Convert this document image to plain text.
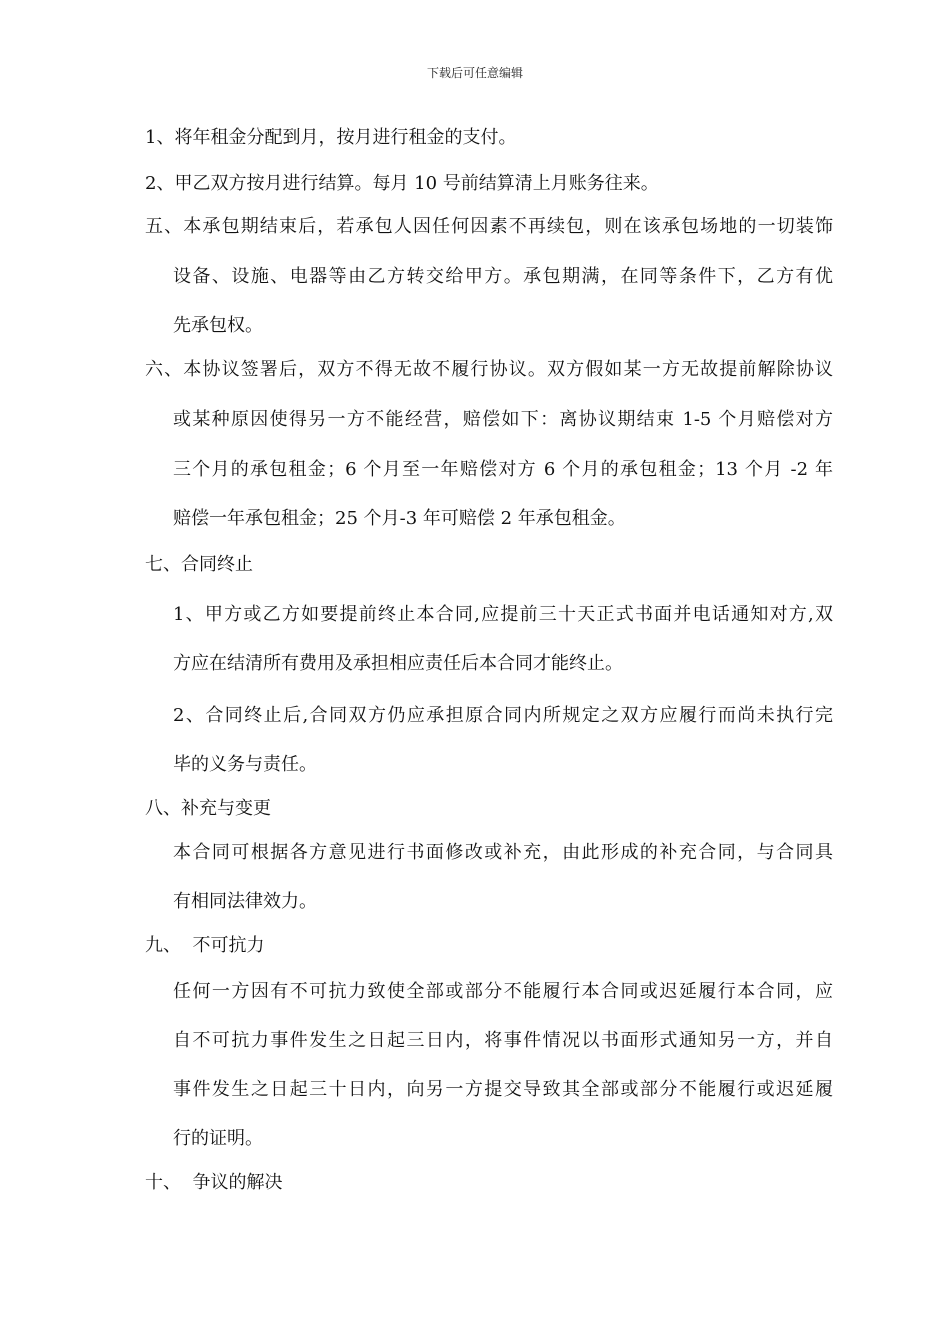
下载后可任意编辑
1、将年租金分配到月，按月进行租金的支付。
2、甲乙双方按月进行结算。每月 10 号前结算清上月账务往来。
五、本承包期结束后，若承包人因任何因素不再续包，则在该承包场地的一切装饰
设备、设施、电器等由乙方转交给甲方。承包期满，在同等条件下，乙方有优
先承包权。
六、本协议签署后，双方不得无故不履行协议。双方假如某一方无故提前解除协议
或某种原因使得另一方不能经营，赔偿如下：离协议期结束 1-5 个月赔偿对方
三个月的承包租金；6 个月至一年赔偿对方 6 个月的承包租金；13 个月 -2 年
赔偿一年承包租金；25 个月-3 年可赔偿 2 年承包租金。
七、合同终止
1、甲方或乙方如要提前终止本合同,应提前三十天正式书面并电话通知对方,双
方应在结清所有费用及承担相应责任后本合同才能终止。
2、合同终止后,合同双方仍应承担原合同内所规定之双方应履行而尚未执行完
毕的义务与责任。
八、补充与变更
本合同可根据各方意见进行书面修改或补充，由此形成的补充合同，与合同具
有相同法律效力。
九、  不可抗力
任何一方因有不可抗力致使全部或部分不能履行本合同或迟延履行本合同，应
自不可抗力事件发生之日起三日内，将事件情况以书面形式通知另一方，并自
事件发生之日起三十日内，向另一方提交导致其全部或部分不能履行或迟延履
行的证明。
十、  争议的解决
